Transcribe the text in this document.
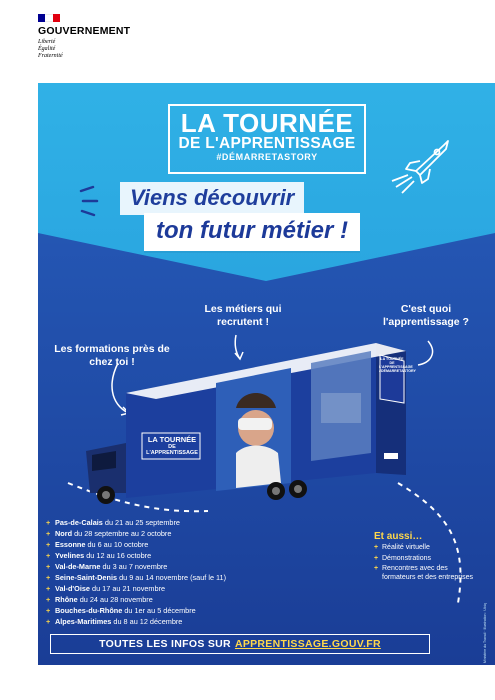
GOUVERNEMENT
Liberté
Égalité
Fraternité
LA TOURNÉE
DE L'APPRENTISSAGE
#DÉMARRETASTORY
Viens découvrir
ton futur métier !
Les formations près de chez toi !
Les métiers qui recrutent !
C'est quoi l'apprentissage ?
LA TOURNÉE
DE L'APPRENTISSAGE
LA TOURNÉE
DE L'APPRENTISSAGE
#DÉMARRETASTORY
+ Pas-de-Calais
du 21 au 25 septembre
+ Nord
du 28 septembre au 2 octobre
+ Essonne
du 6 au 10 octobre
+ Yvelines
du 12 au 16 octobre
+ Val-de-Marne
du 3 au 7 novembre
+ Seine-Saint-Denis
du 9 au 14 novembre (sauf le 11)
+ Val-d'Oise
du 17 au 21 novembre
+ Rhône
du 24 au 28 novembre
+ Bouches-du-Rhône
du 1er au 5 décembre
+ Alpes-Maritimes
du 8 au 12 décembre
Et aussi…
+ Réalité virtuelle
+ Démonstrations
+ Rencontres avec des formateurs et des entreprises
Ministère du Travail · Illustration : Ubiq
TOUTES LES INFOS SUR APPRENTISSAGE.GOUV.FR
